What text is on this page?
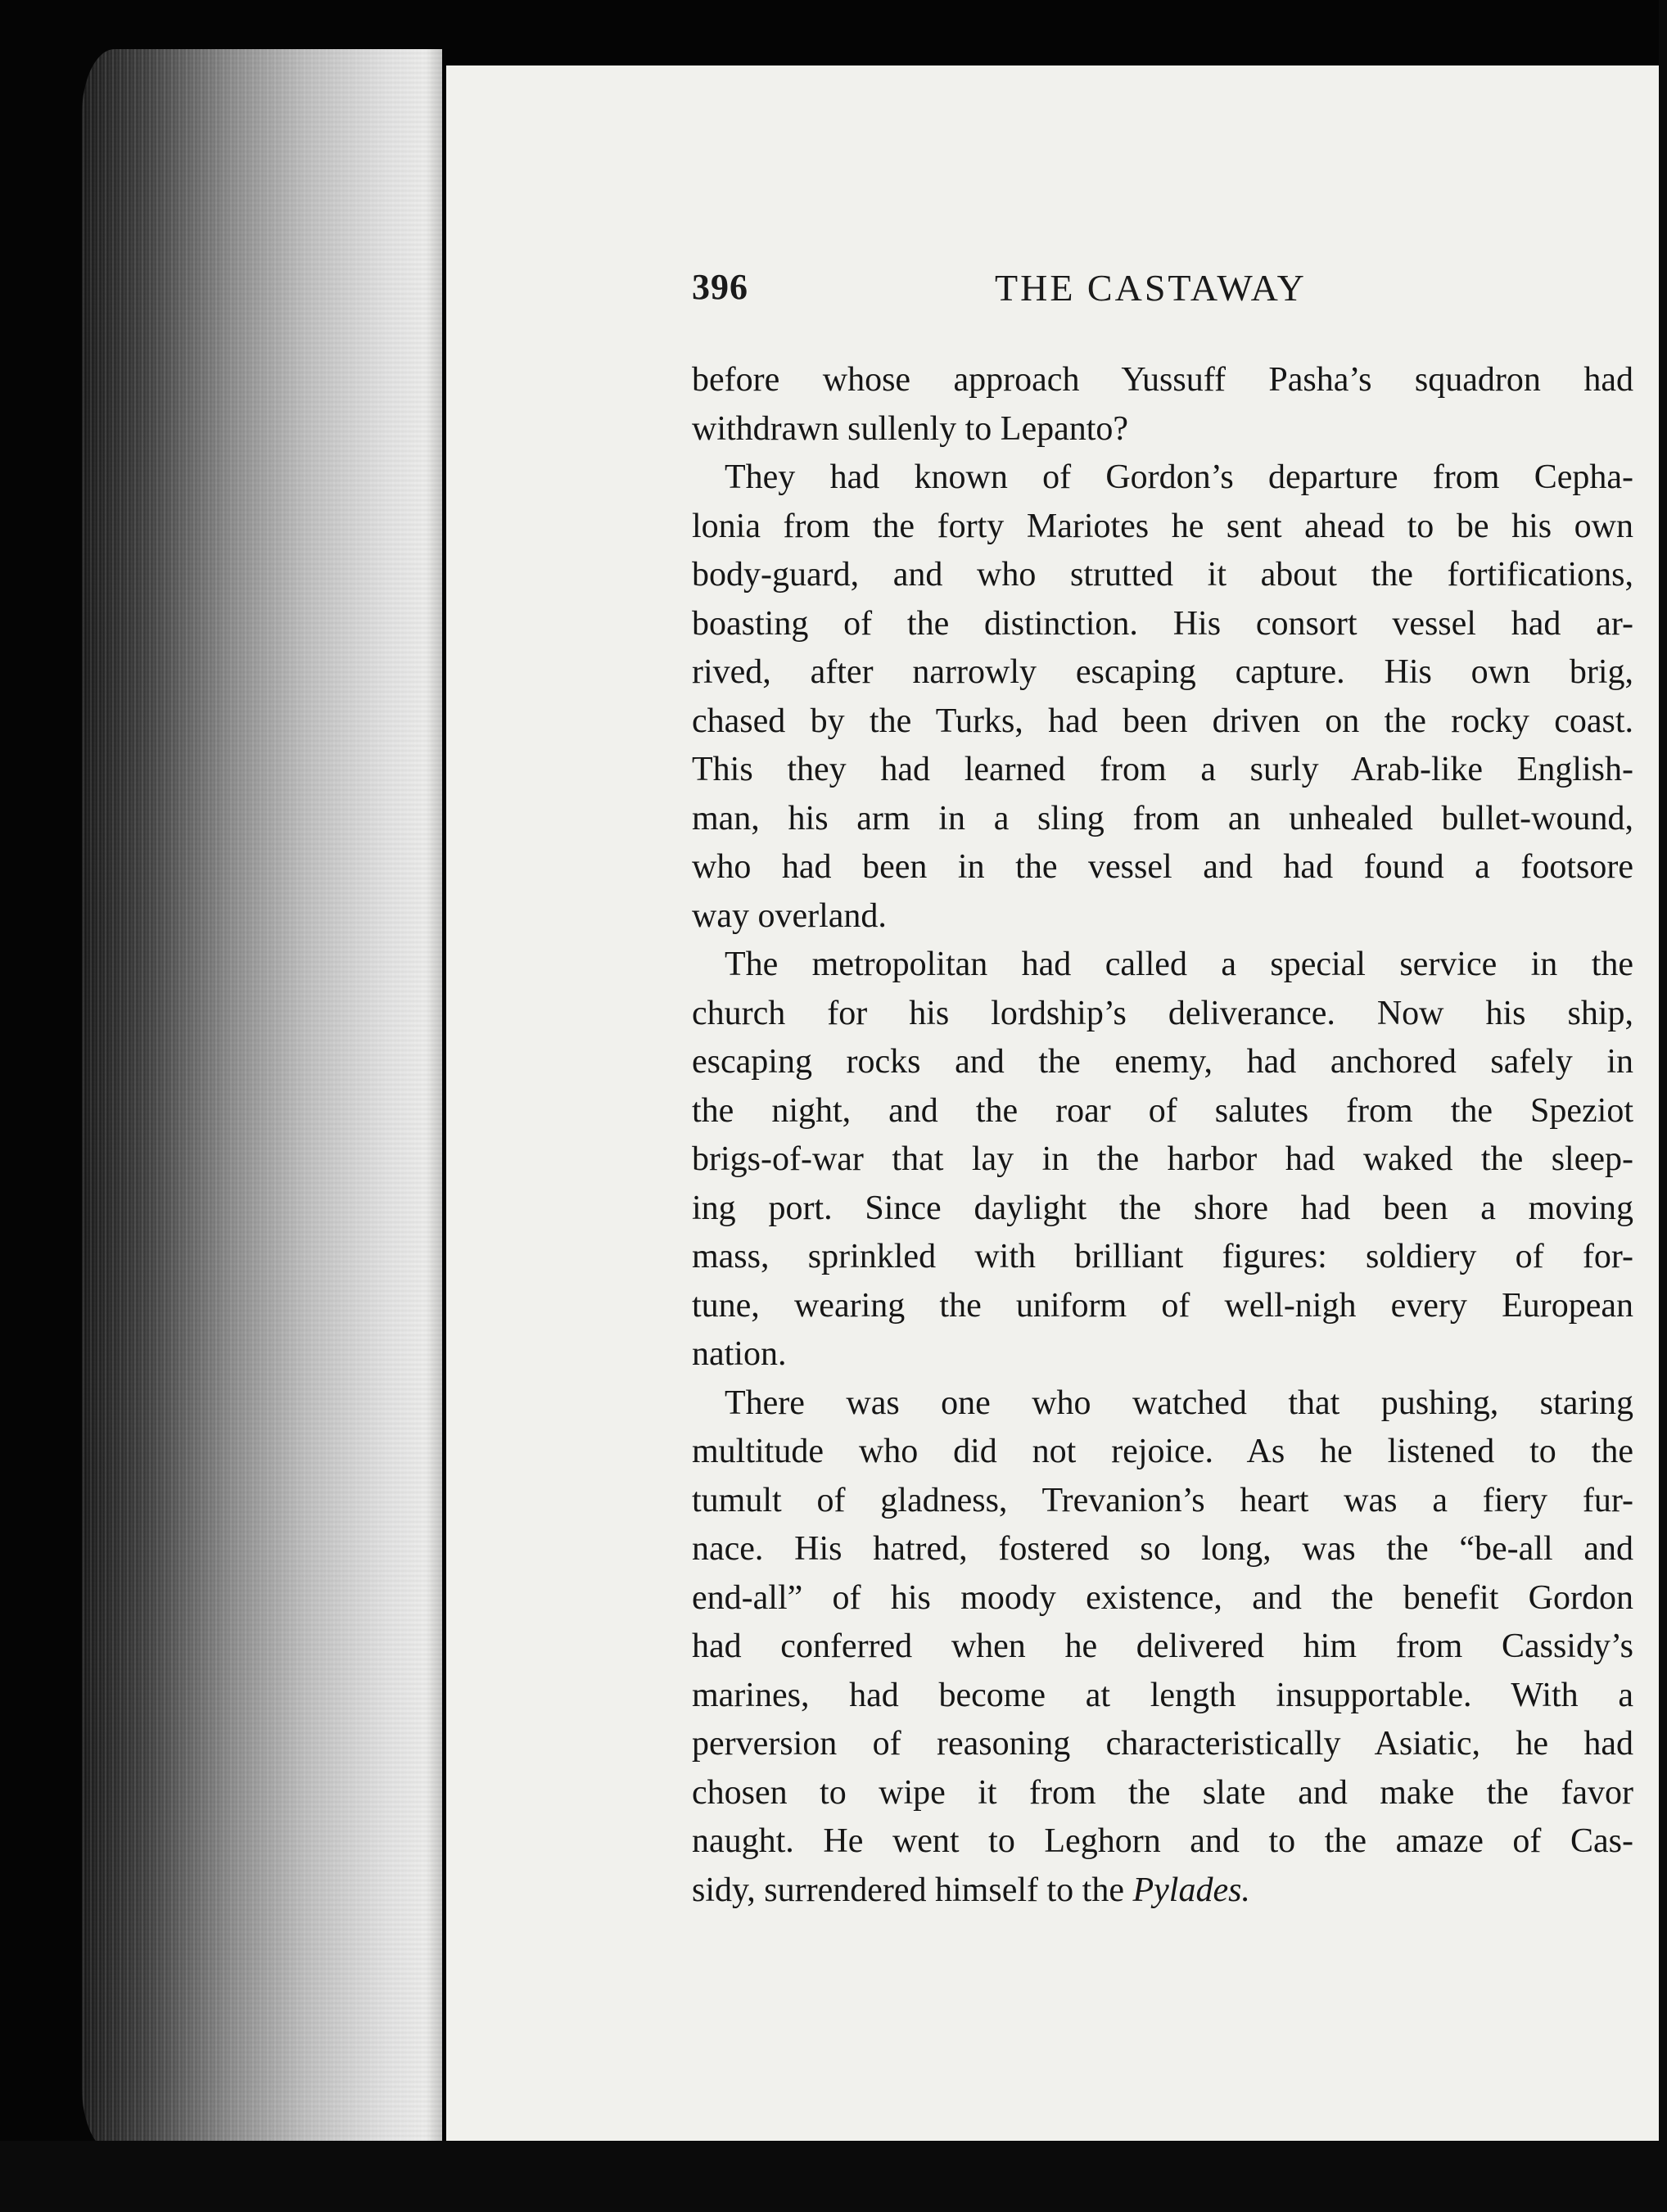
396	THE CASTAWAY
before whose approach Yussuff Pasha’s squadron had
withdrawn sullenly to Lepanto?
They had known of Gordon’s departure from Cepha-
lonia from the forty Mariotes he sent ahead to be his own
body-guard, and who strutted it about the fortifications,
boasting of the distinction. His consort vessel had ar-
rived, after narrowly escaping capture. His own brig,
chased by the Turks, had been driven on the rocky coast.
This they had learned from a surly Arab-like English-
man, his arm in a sling from an unhealed bullet-wound,
who had been in the vessel and had found a footsore
way overland.
The metropolitan had called a special service in the
church for his lordship’s deliverance. Now his ship,
escaping rocks and the enemy, had anchored safely in
the night, and the roar of salutes from the Speziot
brigs-of-war that lay in the harbor had waked the sleep-
ing port. Since daylight the shore had been a moving
mass, sprinkled with brilliant figures: soldiery of for-
tune, wearing the uniform of well-nigh every European
nation.
There was one who watched that pushing, staring
multitude who did not rejoice. As he listened to the
tumult of gladness, Trevanion’s heart was a fiery fur-
nace. His hatred, fostered so long, was the “be-all and
end-all” of his moody existence, and the benefit Gordon
had conferred when he delivered him from Cassidy’s
marines, had become at length insupportable. With a
perversion of reasoning characteristically Asiatic, he had
chosen to wipe it from the slate and make the favor
naught. He went to Leghorn and to the amaze of Cas-
sidy, surrendered himself to the Pylades.
